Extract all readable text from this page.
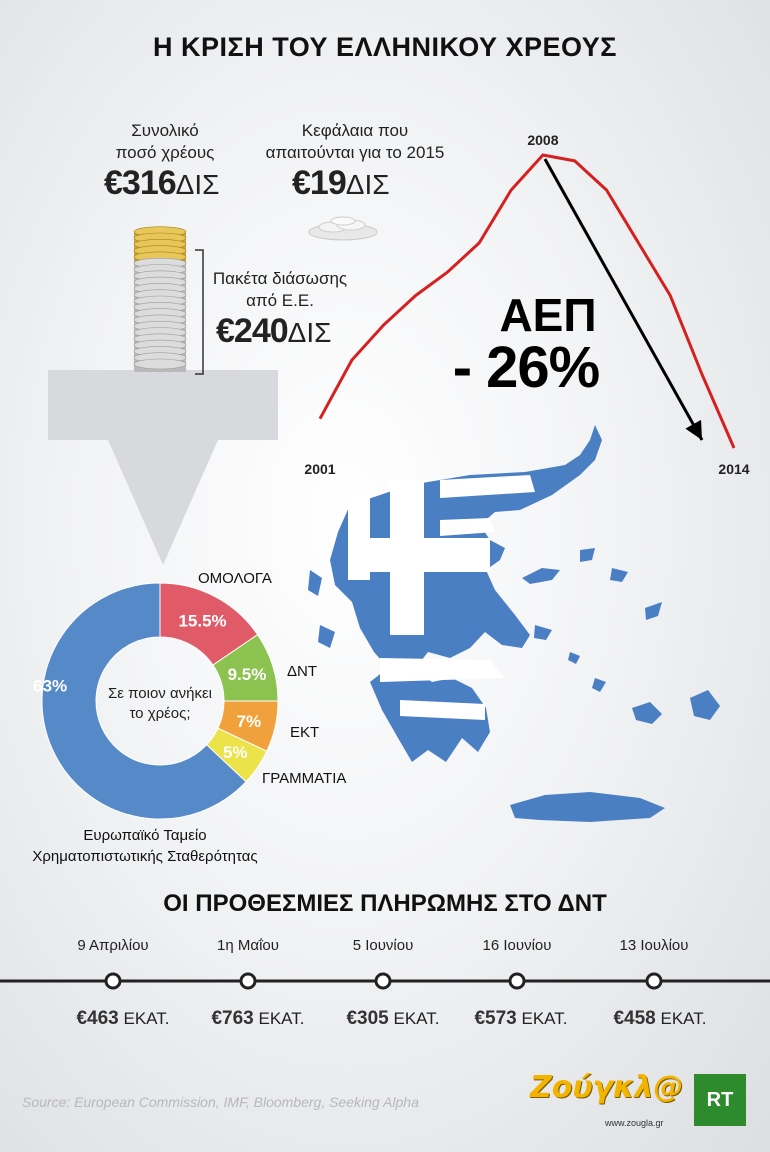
Η ΚΡΙΣΗ ΤΟΥ ΕΛΛΗΝΙΚΟΥ ΧΡΕΟΥΣ
Συνολικό
ποσό χρέους
€316ΔΙΣ
Κεφάλαια που
απαιτούνται για το 2015
€19ΔΙΣ
Πακέτα διάσωσης
από Ε.Ε.
€240ΔΙΣ
2001
2008
2014
ΑΕΠ
- 26%
15.5%
9.5%
7%
5%
63%	Σε ποιον ανήκει
το χρέος;
ΟΜΟΛΟΓΑ
ΔΝΤ
ΕΚΤ
ΓΡΑΜΜΑΤΙΑ
Ευρωπαϊκό Ταμείο
Χρηματοπιστωτικής Σταθερότητας
ΟΙ ΠΡΟΘΕΣΜΙΕΣ ΠΛΗΡΩΜΗΣ ΣΤΟ ΔΝΤ
9 Απριλίου	1η Μαΐου	5 Ιουνίου	16 Ιουνίου	13 Ιουλίου
€463 ΕΚΑΤ.	€763 ΕΚΑΤ.	€305 ΕΚΑΤ.	€573 ΕΚΑΤ.	€458 ΕΚΑΤ.
Source: European Commission, IMF, Bloomberg, Seeking Alpha	Ζούγκλ@
www.zougla.gr
RT
